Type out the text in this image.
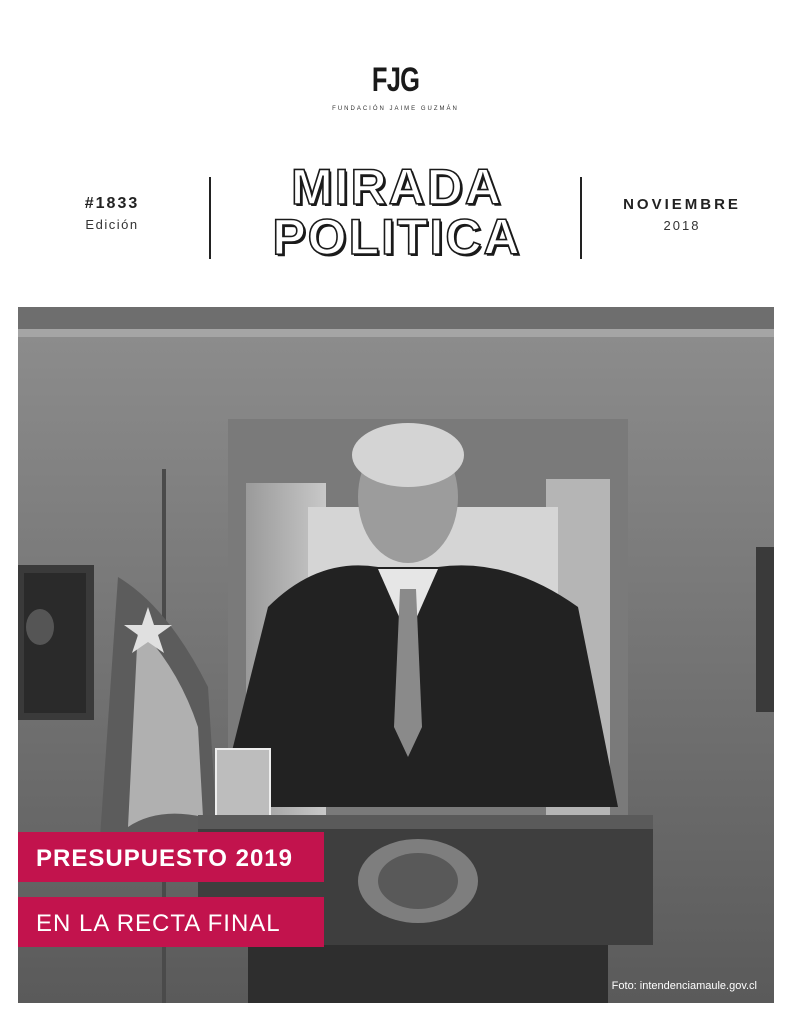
FJG
FUNDACIÓN JAIME GUZMÁN
#1833
Edición
MIRADA
POLITICA
NOVIEMBRE
2018
PRESUPUESTO 2019
EN LA RECTA FINAL
Foto: intendenciamaule.gov.cl
